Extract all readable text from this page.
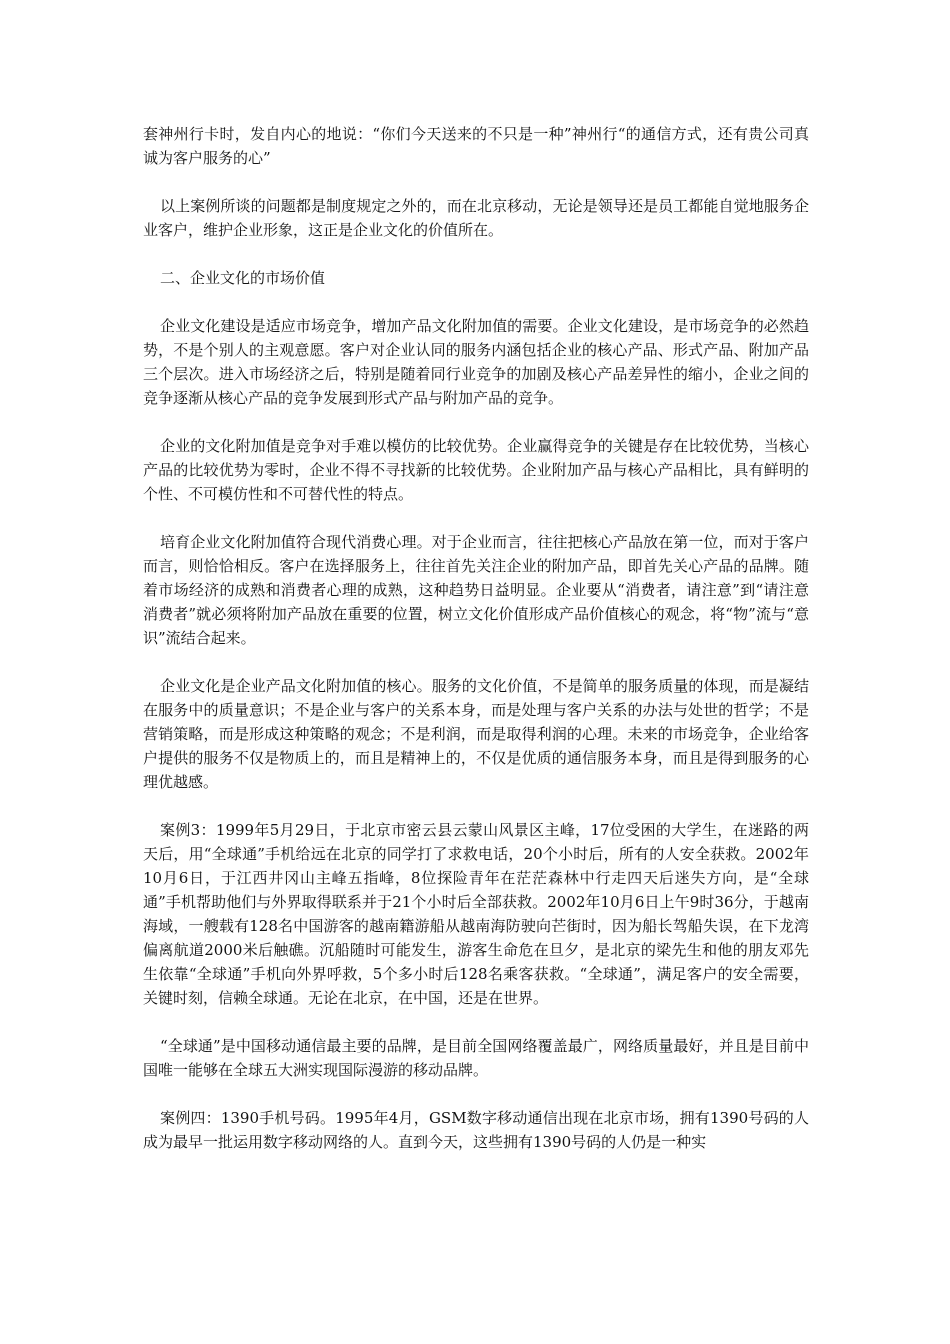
套神州行卡时，发自内心的地说：“你们今天送来的不只是一种”神州行“的通信方式，还有贵公司真诚为客户服务的心”

以上案例所谈的问题都是制度规定之外的，而在北京移动，无论是领导还是员工都能自觉地服务企业客户，维护企业形象，这正是企业文化的价值所在。

二、企业文化的市场价值

企业文化建设是适应市场竞争，增加产品文化附加值的需要。企业文化建设，是市场竞争的必然趋势，不是个别人的主观意愿。客户对企业认同的服务内涵包括企业的核心产品、形式产品、附加产品三个层次。进入市场经济之后，特别是随着同行业竞争的加剧及核心产品差异性的缩小，企业之间的竞争逐渐从核心产品的竞争发展到形式产品与附加产品的竞争。

企业的文化附加值是竞争对手难以模仿的比较优势。企业赢得竞争的关键是存在比较优势，当核心产品的比较优势为零时，企业不得不寻找新的比较优势。企业附加产品与核心产品相比，具有鲜明的个性、不可模仿性和不可替代性的特点。

培育企业文化附加值符合现代消费心理。对于企业而言，往往把核心产品放在第一位，而对于客户而言，则恰恰相反。客户在选择服务上，往往首先关注企业的附加产品，即首先关心产品的品牌。随着市场经济的成熟和消费者心理的成熟，这种趋势日益明显。企业要从“消费者，请注意”到“请注意消费者”就必须将附加产品放在重要的位置，树立文化价值形成产品价值核心的观念，将“物”流与“意识”流结合起来。

企业文化是企业产品文化附加值的核心。服务的文化价值，不是简单的服务质量的体现，而是凝结在服务中的质量意识；不是企业与客户的关系本身，而是处理与客户关系的办法与处世的哲学；不是营销策略，而是形成这种策略的观念；不是利润，而是取得利润的心理。未来的市场竞争，企业给客户提供的服务不仅是物质上的，而且是精神上的，不仅是优质的通信服务本身，而且是得到服务的心理优越感。

案例3：1999年5月29日，于北京市密云县云蒙山风景区主峰，17位受困的大学生，在迷路的两天后，用“全球通”手机给远在北京的同学打了求救电话，20个小时后，所有的人安全获救。2002年10月6日，于江西井冈山主峰五指峰，8位探险青年在茫茫森林中行走四天后迷失方向，是“全球通”手机帮助他们与外界取得联系并于21个小时后全部获救。2002年10月6日上午9时36分，于越南海域，一艘载有128名中国游客的越南籍游船从越南海防驶向芒街时，因为船长驾船失误，在下龙湾偏离航道2000米后触礁。沉船随时可能发生，游客生命危在旦夕，是北京的梁先生和他的朋友邓先生依靠“全球通”手机向外界呼救，5个多小时后128名乘客获救。“全球通”，满足客户的安全需要，关键时刻，信赖全球通。无论在北京，在中国，还是在世界。

“全球通”是中国移动通信最主要的品牌，是目前全国网络覆盖最广，网络质量最好，并且是目前中国唯一能够在全球五大洲实现国际漫游的移动品牌。

案例四：1390手机号码。1995年4月，GSM数字移动通信出现在北京市场，拥有1390号码的人成为最早一批运用数字移动网络的人。直到今天，这些拥有1390号码的人仍是一种实
